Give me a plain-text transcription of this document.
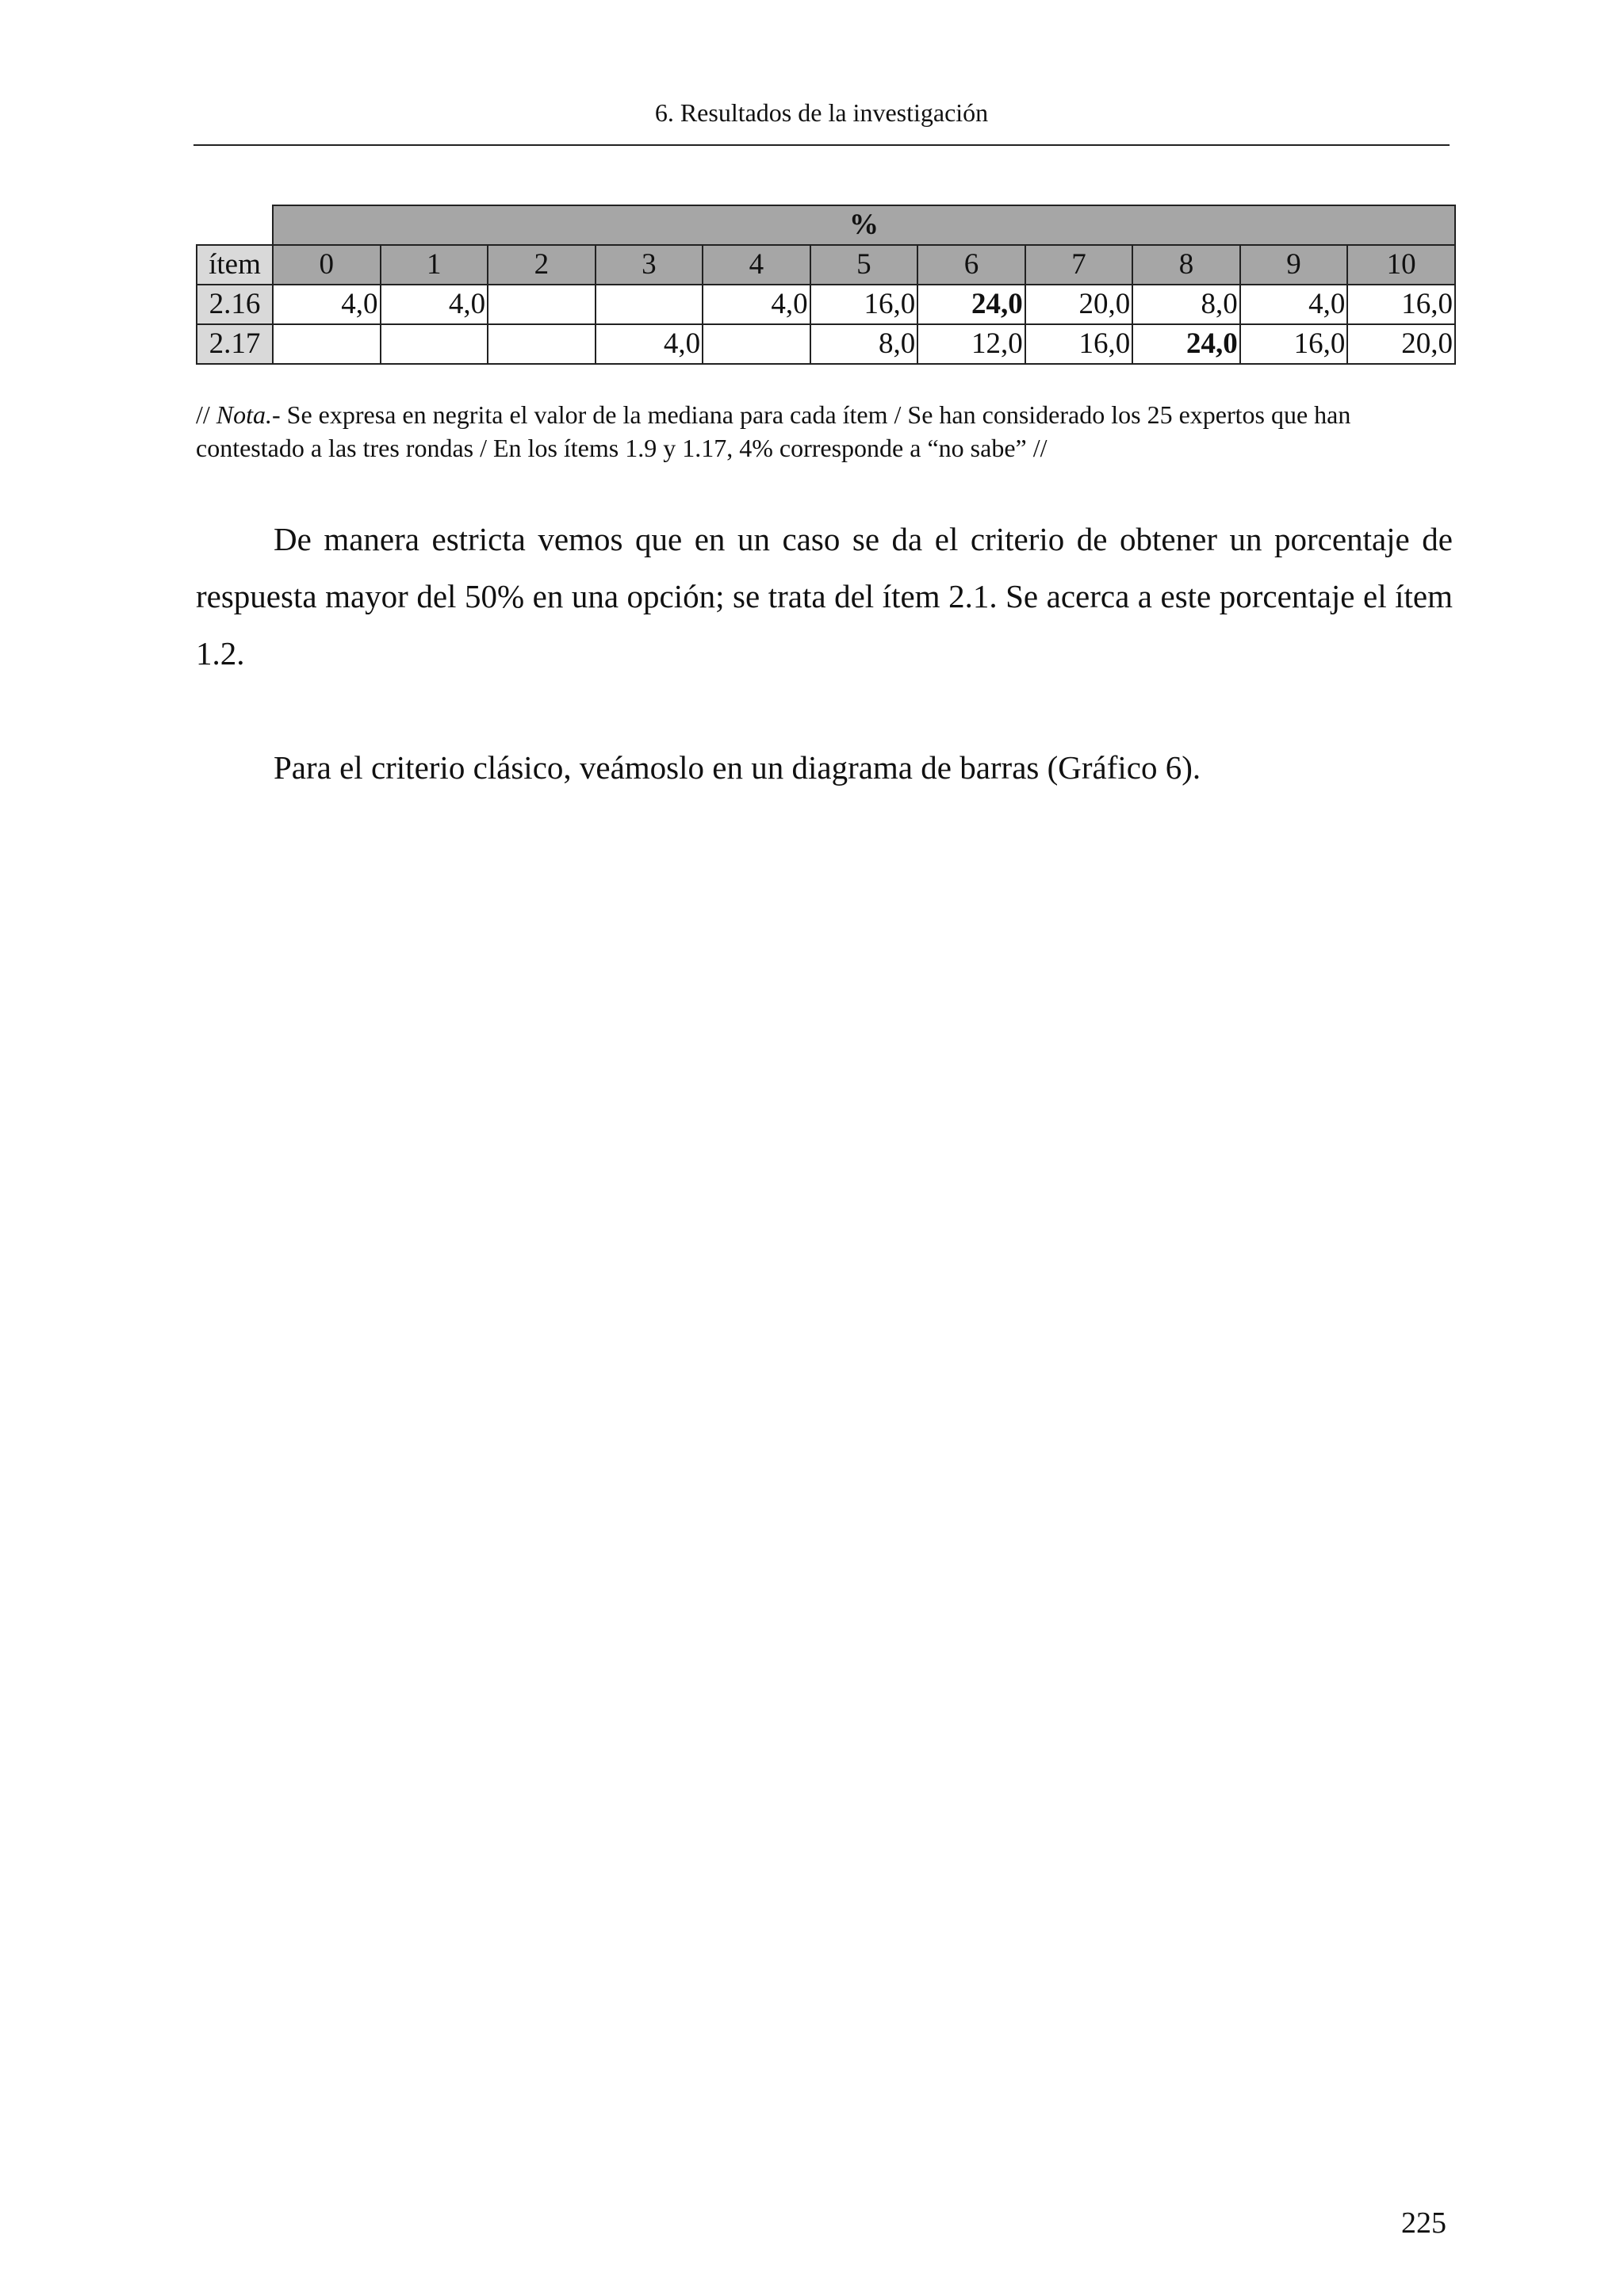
6. Resultados de la investigación
	%										
ítem	0	1	2	3	4	5	6	7	8	9	10
2.16	4,0	4,0			4,0	16,0	24,0	20,0	8,0	4,0	16,0
2.17				4,0		8,0	12,0	16,0	24,0	16,0	20,0
// Nota.- Se expresa en negrita el valor de la mediana para cada ítem / Se han considerado los 25 expertos que han contestado a las tres rondas / En los ítems 1.9 y 1.17, 4% corresponde a “no sabe” //

De manera estricta vemos que en un caso se da el criterio de obtener un porcentaje de respuesta mayor del 50% en una opción; se trata del ítem 2.1. Se acerca a este porcentaje el ítem 1.2.

Para el criterio clásico, veámoslo en un diagrama de barras (Gráfico 6).

225
